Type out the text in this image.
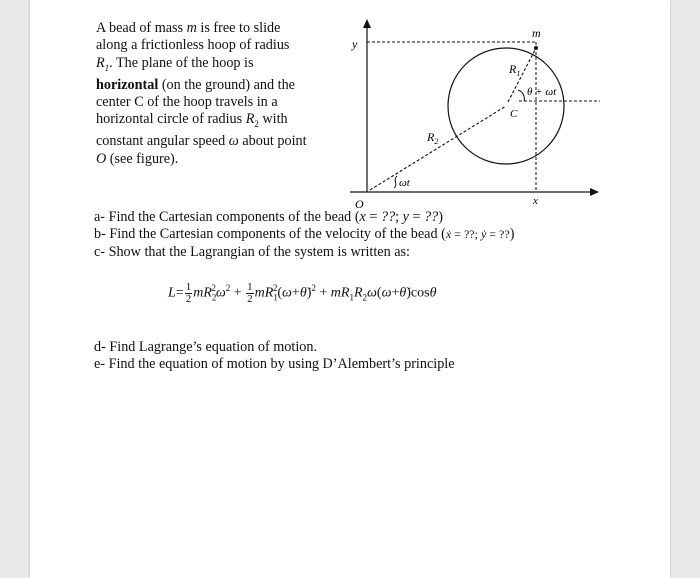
A bead of mass m is free to slide
along a frictionless hoop of radius
$R_1$. The plane of the hoop is
horizontal (on the ground) and the
center C of the hoop travels in a
horizontal circle of radius $R_2$ with
constant angular speed ω about point
O (see figure).
y
x
O
m
$R_1$
$R_2$
C
θ + ωt
ωt
a- Find the Cartesian components of the bead (x = ??; y = ??)
b- Find the Cartesian components of the velocity of the bead (ẋ = ??; ẏ = ??)
c- Show that the Lagrangian of the system is written as:
$L= \frac{1}{2} mR_2^2\omega^2 + \frac{1}{2}$ $mR_1^2(\omega+\thetȧ)^2$ + $mR_1R_2\omega(\omega+\thetȧ)\cos\theta$
d- Find Lagrange’s equation of motion.
e- Find the equation of motion by using D’Alembert’s principle
